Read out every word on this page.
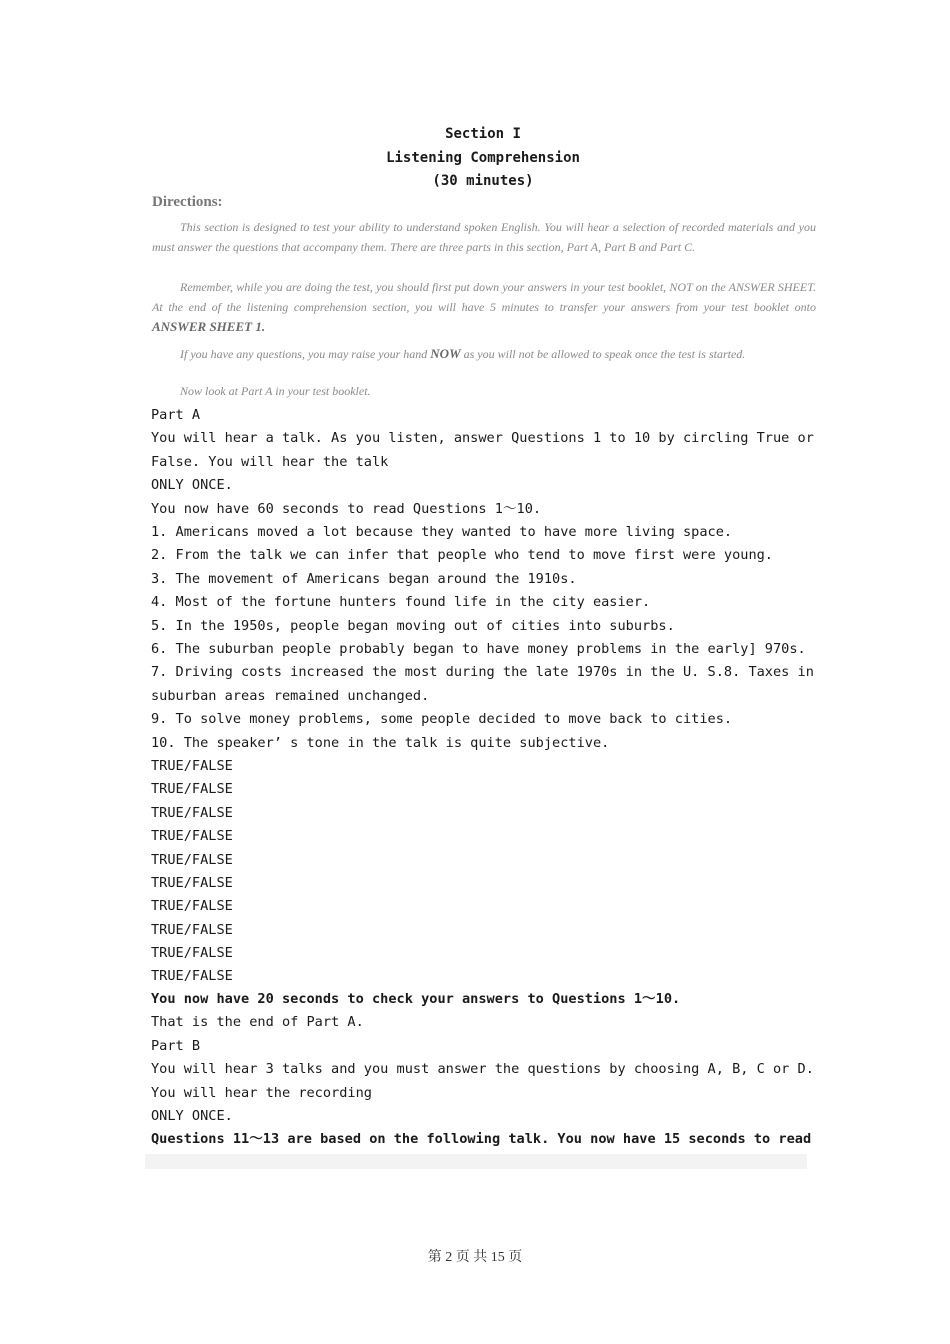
Section I
Listening Comprehension
(30 minutes)
Directions:
This section is designed to test your ability to understand spoken English. You will hear a selection of recorded materials and you must answer the questions that accompany them. There are three parts in this section, Part A, Part B and Part C.
Remember, while you are doing the test, you should first put down your answers in your test booklet, NOT on the ANSWER SHEET. At the end of the listening comprehension section, you will have 5 minutes to transfer your answers from your test booklet onto ANSWER SHEET 1.
If you have any questions, you may raise your hand NOW as you will not be allowed to speak once the test is started.
Now look at Part A in your test booklet.
Part A
You will hear a talk. As you listen, answer Questions 1 to 10 by circling True or
False. You will hear the talk
ONLY ONCE.
You now have 60 seconds to read Questions 1～10.
1. Americans moved a lot because they wanted to have more living space.
2. From the talk we can infer that people who tend to move first were young.
3. The movement of Americans began around the 1910s.
4. Most of the fortune hunters found life in the city easier.
5. In the 1950s, people began moving out of cities into suburbs.
6. The suburban people probably began to have money problems in the early] 970s.
7. Driving costs increased the most during the late 1970s in the U. S.8. Taxes in
suburban areas remained unchanged.
9. To solve money problems, some people decided to move back to cities.
10. The speaker’ s tone in the talk is quite subjective.
TRUE/FALSE
TRUE/FALSE
TRUE/FALSE
TRUE/FALSE
TRUE/FALSE
TRUE/FALSE
TRUE/FALSE
TRUE/FALSE
TRUE/FALSE
TRUE/FALSE
You now have 20 seconds to check your answers to Questions 1～10.
That is the end of Part A.
Part B
You will hear 3 talks and you must answer the questions by choosing A, B, C or D.
You will hear the recording
ONLY ONCE.
Questions 11～13 are based on the following talk. You now have 15 seconds to read
第 2 页 共 15 页
